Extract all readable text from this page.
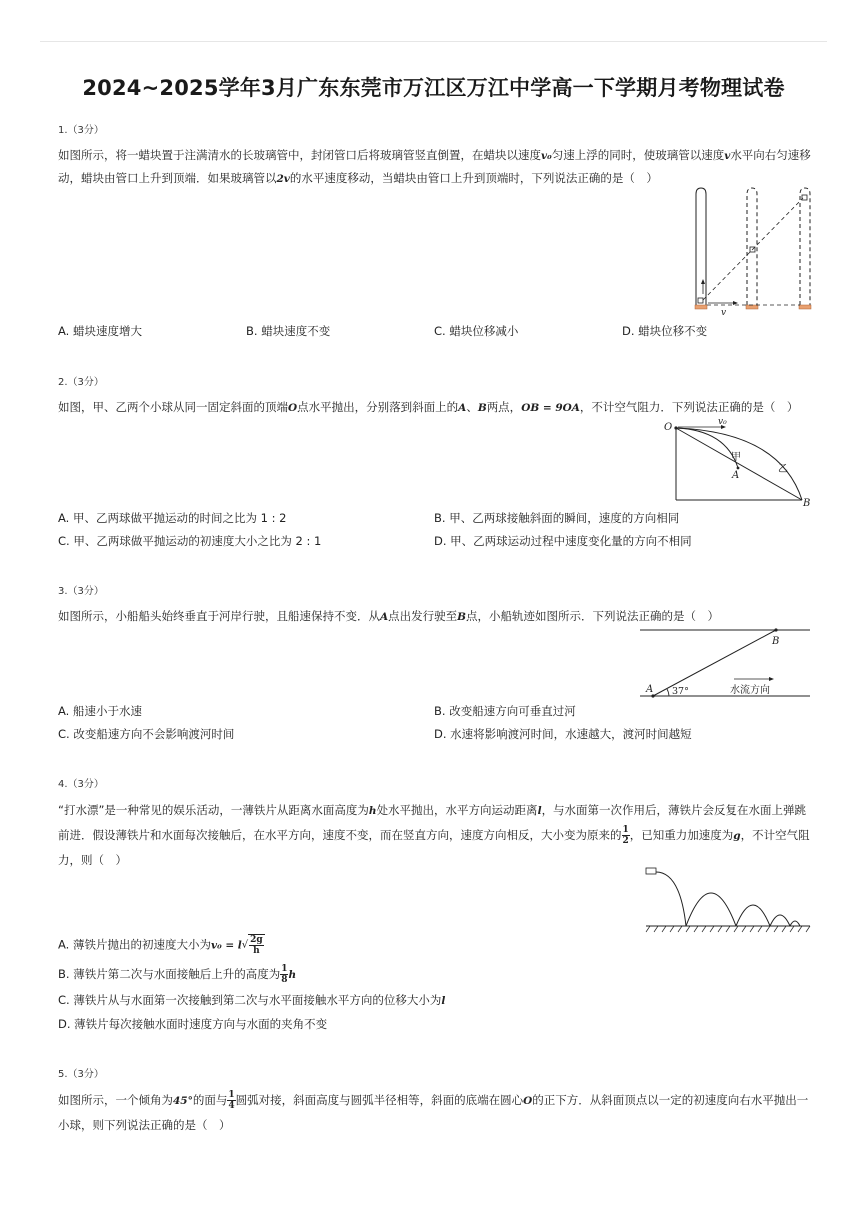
2024~2025学年3月广东东莞市万江区万江中学高一下学期月考物理试卷
1.（3分）
如图所示，将一蜡块置于注满清水的长玻璃管中，封闭管口后将玻璃管竖直倒置，在蜡块以速度v₀匀速上浮的同时，使玻璃管以速度v水平向右匀速移动，蜡块由管口上升到顶端．如果玻璃管以2v的水平速度移动，当蜡块由管口上升到顶端时，下列说法正确的是（　）
v
A. 蜡块速度增大	B. 蜡块速度不变	C. 蜡块位移减小	D. 蜡块位移不变
2.（3分）
如图，甲、乙两个小球从同一固定斜面的顶端O点水平抛出，分别落到斜面上的A、B两点，OB = 9OA，不计空气阻力．下列说法正确的是（　）
O	v₀
甲
乙
A
B
A. 甲、乙两球做平抛运动的时间之比为 1 : 2	B. 甲、乙两球接触斜面的瞬间，速度的方向相同
C. 甲、乙两球做平抛运动的初速度大小之比为 2 : 1	D. 甲、乙两球运动过程中速度变化量的方向不相同
3.（3分）
如图所示，小船船头始终垂直于河岸行驶，且船速保持不变．从A点出发行驶至B点，小船轨迹如图所示．下列说法正确的是（　）
A
B
37°	水流方向
A. 船速小于水速	B. 改变船速方向可垂直过河
C. 改变船速方向不会影响渡河时间	D. 水速将影响渡河时间，水速越大，渡河时间越短
4.（3分）
“打水漂”是一种常见的娱乐活动，一薄铁片从距离水面高度为h处水平抛出，水平方向运动距离l，与水面第一次作用后，薄铁片会反复在水面上弹跳前进．假设薄铁片和水面每次接触后，在水平方向，速度不变，而在竖直方向，速度方向相反，大小变为原来的 $\frac{1}{2}$ ，已知重力加速度为g，不计空气阻力，则（　）
A. 薄铁片抛出的初速度大小为$v_0 = l√ \frac{2g}{h}$
B. 薄铁片第二次与水面接触后上升的高度为 $\frac{1}{8}$ h
C. 薄铁片从与水面第一次接触到第二次与水平面接触水平方向的位移大小为l
D. 薄铁片每次接触水面时速度方向与水面的夹角不变
5.（3分）
如图所示，一个倾角为45°的面与 $\frac{1}{4}$ 圆弧对接，斜面高度与圆弧半径相等，斜面的底端在圆心O的正下方．从斜面顶点以一定的初速度向右水平抛出一小球，则下列说法正确的是（　）
